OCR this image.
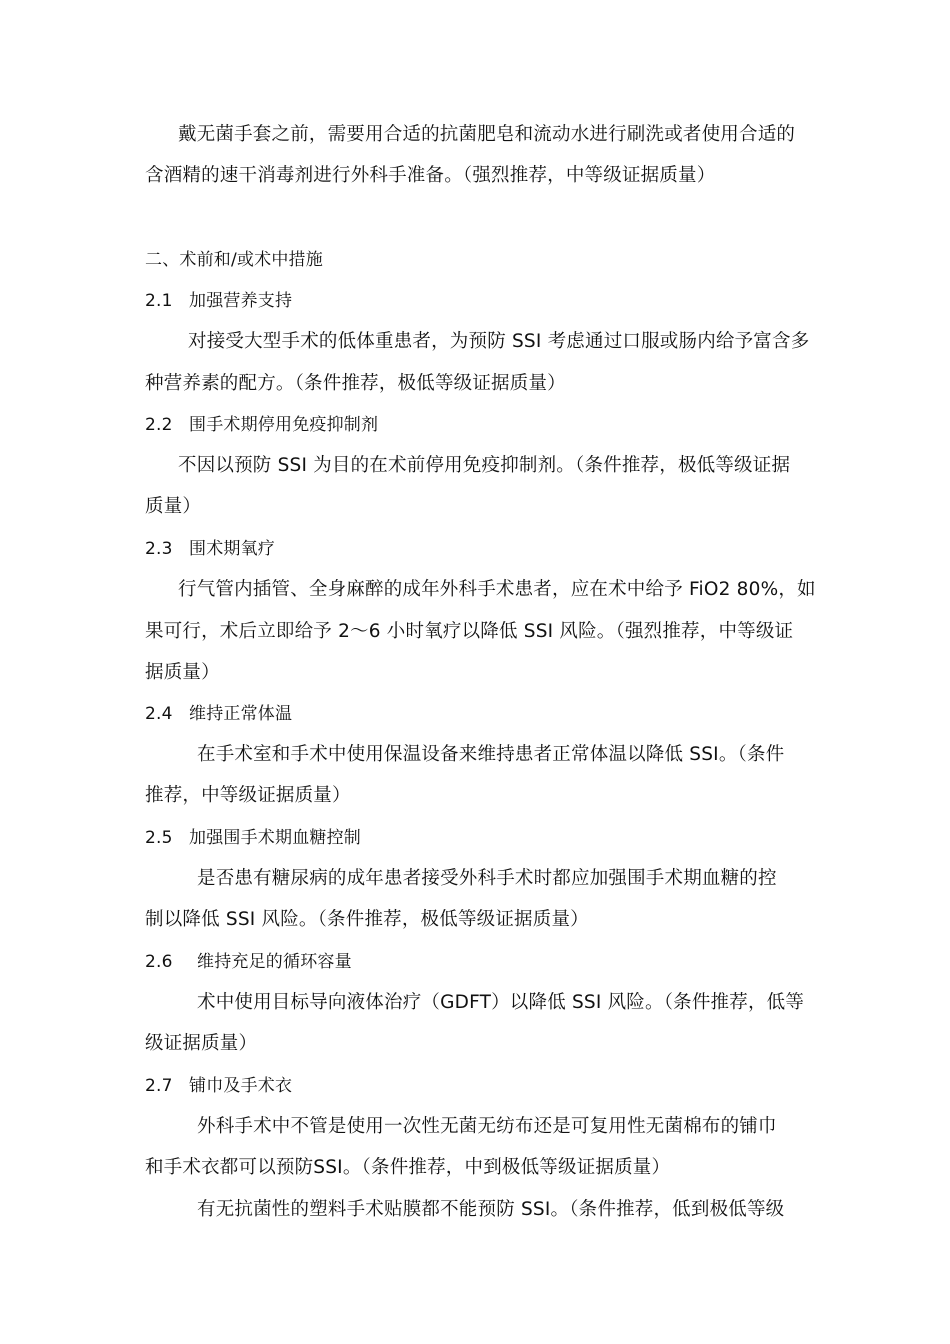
戴无菌手套之前，需要用合适的抗菌肥皂和流动水进行刷洗或者使用合适的
含酒精的速干消毒剂进行外科手准备。（强烈推荐，中等级证据质量）
二、术前和/或术中措施
2.1 加强营养支持
对接受大型手术的低体重患者，为预防 SSI 考虑通过口服或肠内给予富含多
种营养素的配方。（条件推荐，极低等级证据质量）
2.2 围手术期停用免疫抑制剂
不因以预防 SSI 为目的在术前停用免疫抑制剂。（条件推荐，极低等级证据
质量）
2.3 围术期氧疗
行气管内插管、全身麻醉的成年外科手术患者，应在术中给予 FiO2 80%，如
果可行，术后立即给予 2～6 小时氧疗以降低 SSI 风险。（强烈推荐，中等级证
据质量）
2.4 维持正常体温
在手术室和手术中使用保温设备来维持患者正常体温以降低 SSI。（条件
推荐，中等级证据质量）
2.5 加强围手术期血糖控制
是否患有糖尿病的成年患者接受外科手术时都应加强围手术期血糖的控
制以降低 SSI 风险。（条件推荐，极低等级证据质量）
2.6 维持充足的循环容量
术中使用目标导向液体治疗（GDFT）以降低 SSI 风险。（条件推荐，低等
级证据质量）
2.7 铺巾及手术衣
外科手术中不管是使用一次性无菌无纺布还是可复用性无菌棉布的铺巾
和手术衣都可以预防SSI。（条件推荐，中到极低等级证据质量）
有无抗菌性的塑料手术贴膜都不能预防 SSI。（条件推荐，低到极低等级
